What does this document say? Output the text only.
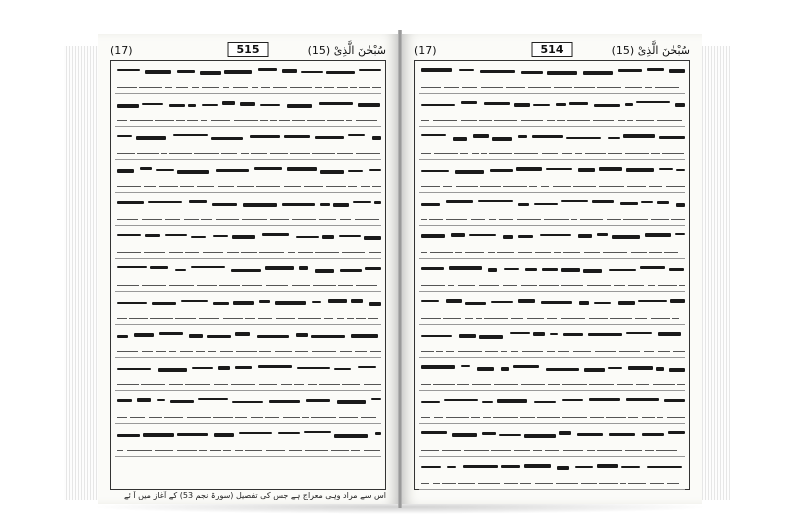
(17)	515	سُبْحٰنَ الَّذِیْ (15)
اس سے مراد وہی معراج ہے جس کی تفصیل (سورۃ نجم 53) کے آغاز میں آ ئے
(17)	514	سُبْحٰنَ الَّذِیْ (15)
